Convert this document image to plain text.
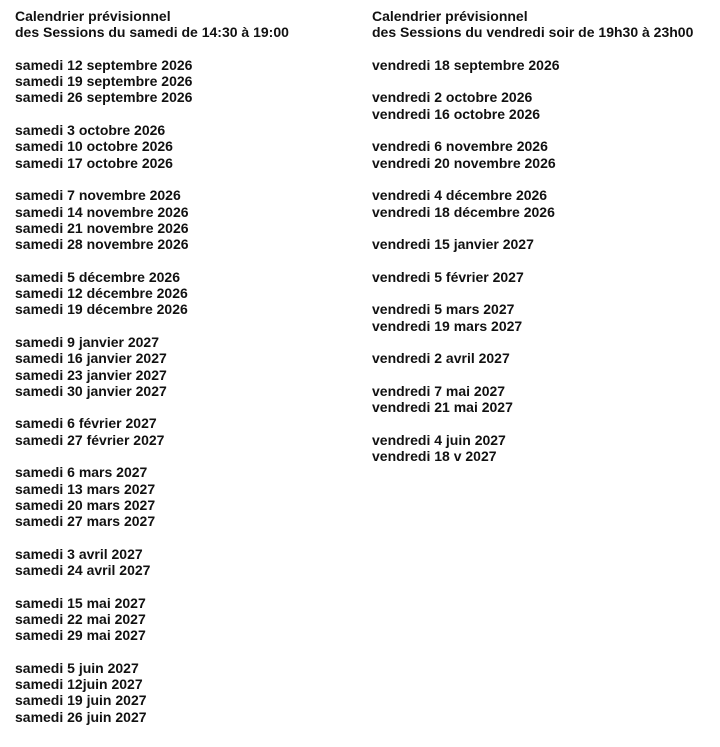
Calendrier prévisionnel

des Sessions du samedi de 14:30 à 19:00

samedi 12 septembre 2026
samedi 19 septembre 2026
samedi 26 septembre 2026
samedi 3 octobre 2026
samedi 10 octobre 2026
samedi 17 octobre 2026
samedi 7 novembre 2026
samedi 14 novembre 2026
samedi 21 novembre 2026
samedi 28 novembre 2026
samedi 5 décembre 2026
samedi 12 décembre 2026
samedi 19 décembre 2026
samedi 9 janvier 2027
samedi 16 janvier 2027
samedi 23 janvier 2027
samedi 30 janvier 2027
samedi 6 février 2027
samedi 27 février 2027
samedi 6 mars 2027
samedi 13 mars 2027
samedi 20 mars 2027
samedi 27 mars 2027
samedi 3 avril 2027
samedi 24 avril 2027
samedi 15 mai 2027
samedi 22 mai 2027
samedi 29 mai 2027
samedi 5 juin 2027
samedi 12juin 2027
samedi 19 juin 2027
samedi 26 juin 2027

Calendrier prévisionnel

des Sessions du vendredi soir de 19h30 à 23h00

vendredi 18 septembre 2026
vendredi 2 octobre 2026
vendredi 16 octobre 2026
vendredi 6 novembre 2026
vendredi 20 novembre 2026
vendredi 4 décembre 2026
vendredi 18 décembre 2026
vendredi 15 janvier 2027
vendredi 5 février 2027
vendredi 5 mars 2027
vendredi 19 mars 2027
vendredi 2 avril 2027
vendredi 7 mai 2027
vendredi 21 mai 2027
vendredi 4 juin 2027
vendredi 18 v 2027
